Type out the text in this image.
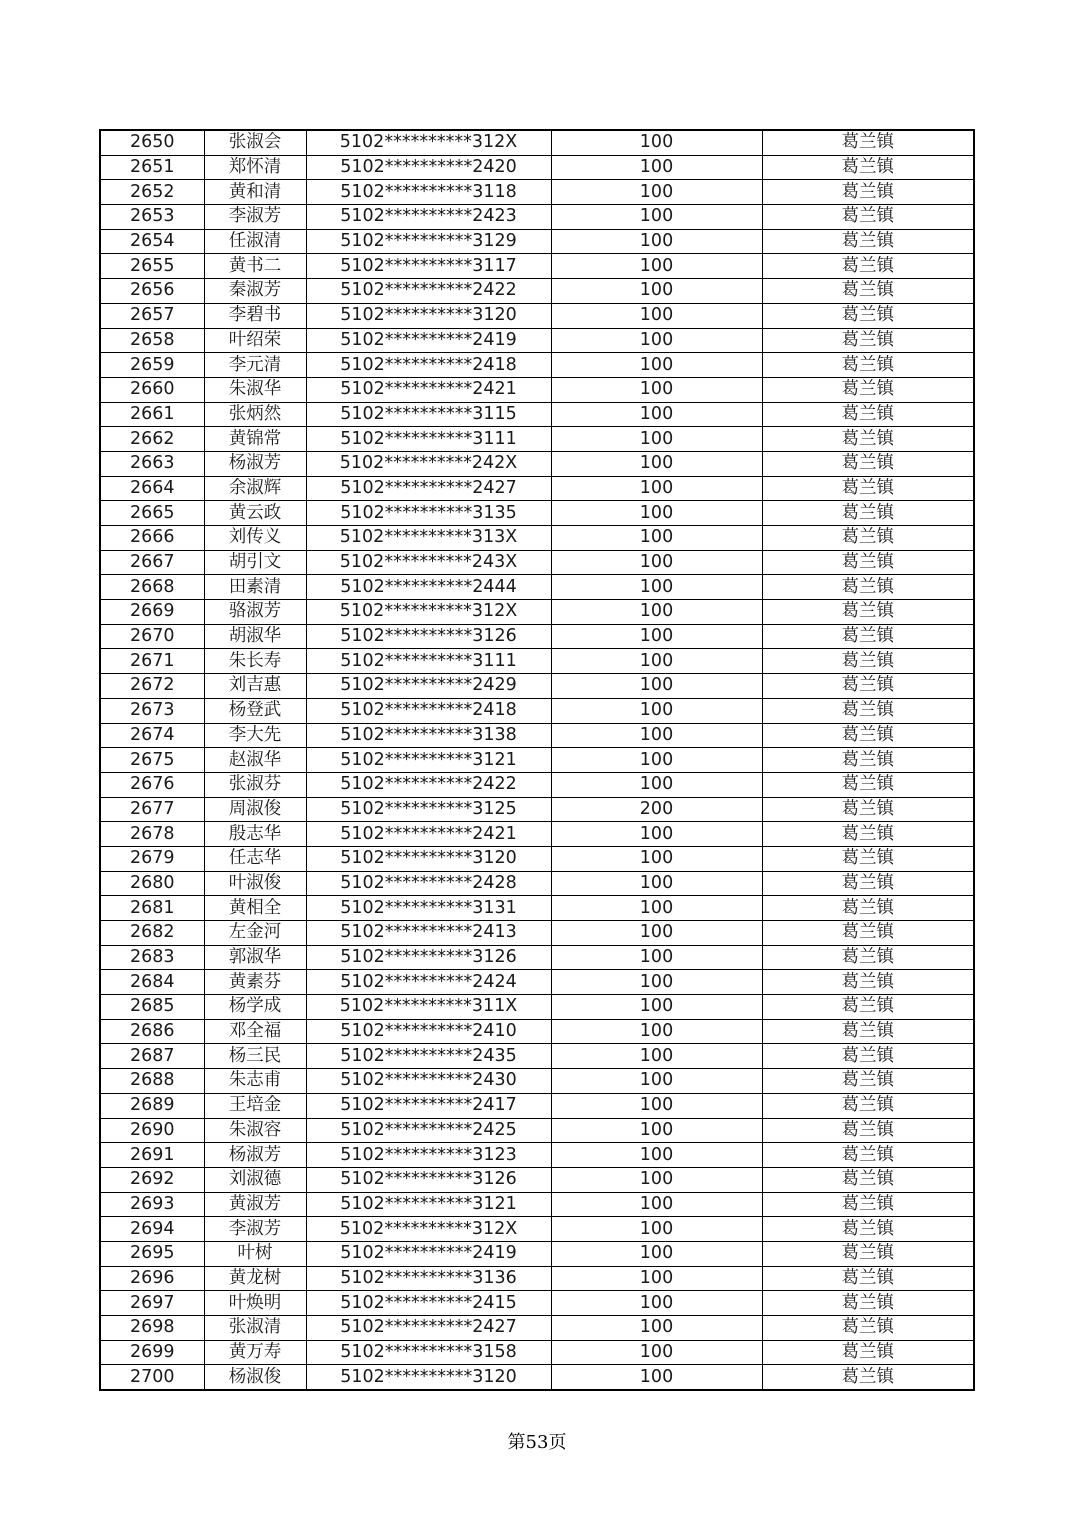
2650	张淑会	5102**********312X	100	葛兰镇
2651	郑怀清	5102**********2420	100	葛兰镇
2652	黄和清	5102**********3118	100	葛兰镇
2653	李淑芳	5102**********2423	100	葛兰镇
2654	任淑清	5102**********3129	100	葛兰镇
2655	黄书二	5102**********3117	100	葛兰镇
2656	秦淑芳	5102**********2422	100	葛兰镇
2657	李碧书	5102**********3120	100	葛兰镇
2658	叶绍荣	5102**********2419	100	葛兰镇
2659	李元清	5102**********2418	100	葛兰镇
2660	朱淑华	5102**********2421	100	葛兰镇
2661	张炳然	5102**********3115	100	葛兰镇
2662	黄锦常	5102**********3111	100	葛兰镇
2663	杨淑芳	5102**********242X	100	葛兰镇
2664	余淑辉	5102**********2427	100	葛兰镇
2665	黄云政	5102**********3135	100	葛兰镇
2666	刘传义	5102**********313X	100	葛兰镇
2667	胡引文	5102**********243X	100	葛兰镇
2668	田素清	5102**********2444	100	葛兰镇
2669	骆淑芳	5102**********312X	100	葛兰镇
2670	胡淑华	5102**********3126	100	葛兰镇
2671	朱长寿	5102**********3111	100	葛兰镇
2672	刘吉惠	5102**********2429	100	葛兰镇
2673	杨登武	5102**********2418	100	葛兰镇
2674	李大先	5102**********3138	100	葛兰镇
2675	赵淑华	5102**********3121	100	葛兰镇
2676	张淑芬	5102**********2422	100	葛兰镇
2677	周淑俊	5102**********3125	200	葛兰镇
2678	殷志华	5102**********2421	100	葛兰镇
2679	任志华	5102**********3120	100	葛兰镇
2680	叶淑俊	5102**********2428	100	葛兰镇
2681	黄相全	5102**********3131	100	葛兰镇
2682	左金河	5102**********2413	100	葛兰镇
2683	郭淑华	5102**********3126	100	葛兰镇
2684	黄素芬	5102**********2424	100	葛兰镇
2685	杨学成	5102**********311X	100	葛兰镇
2686	邓全福	5102**********2410	100	葛兰镇
2687	杨三民	5102**********2435	100	葛兰镇
2688	朱志甫	5102**********2430	100	葛兰镇
2689	王培金	5102**********2417	100	葛兰镇
2690	朱淑容	5102**********2425	100	葛兰镇
2691	杨淑芳	5102**********3123	100	葛兰镇
2692	刘淑德	5102**********3126	100	葛兰镇
2693	黄淑芳	5102**********3121	100	葛兰镇
2694	李淑芳	5102**********312X	100	葛兰镇
2695	叶树	5102**********2419	100	葛兰镇
2696	黄龙树	5102**********3136	100	葛兰镇
2697	叶焕明	5102**********2415	100	葛兰镇
2698	张淑清	5102**********2427	100	葛兰镇
2699	黄万寿	5102**********3158	100	葛兰镇
2700	杨淑俊	5102**********3120	100	葛兰镇
第53页
